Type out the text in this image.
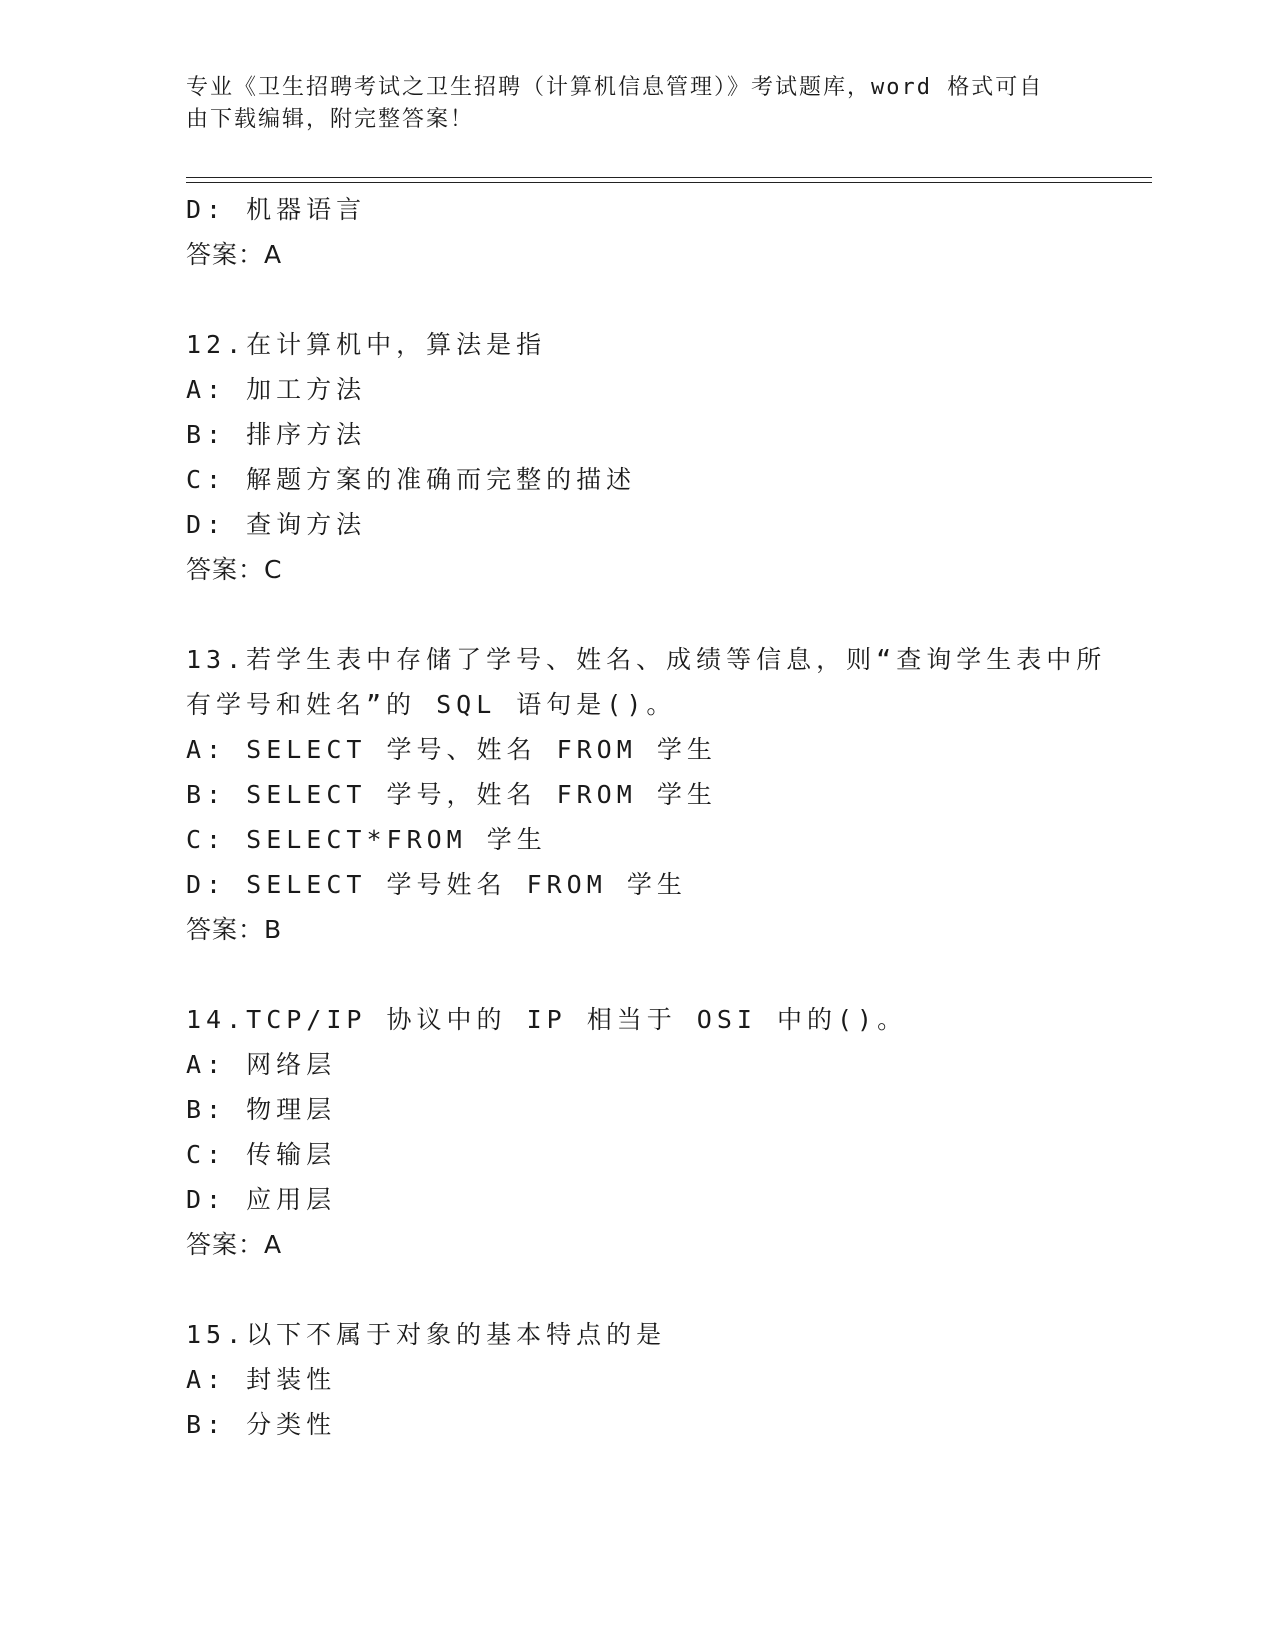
专业《卫生招聘考试之卫生招聘（计算机信息管理）》考试题库，word 格式可自
由下载编辑，附完整答案！
D: 机器语言
答案：A
12.在计算机中，算法是指
A: 加工方法
B: 排序方法
C: 解题方案的准确而完整的描述
D: 查询方法
答案：C
13.若学生表中存储了学号、姓名、成绩等信息，则“查询学生表中所
有学号和姓名”的 SQL 语句是()。
A: SELECT 学号、姓名 FROM 学生
B: SELECT 学号，姓名 FROM 学生
C: SELECT*FROM 学生
D: SELECT 学号姓名 FROM 学生
答案：B
14.TCP/IP 协议中的 IP 相当于 OSI 中的()。
A: 网络层
B: 物理层
C: 传输层
D: 应用层
答案：A
15.以下不属于对象的基本特点的是
A: 封装性
B: 分类性
